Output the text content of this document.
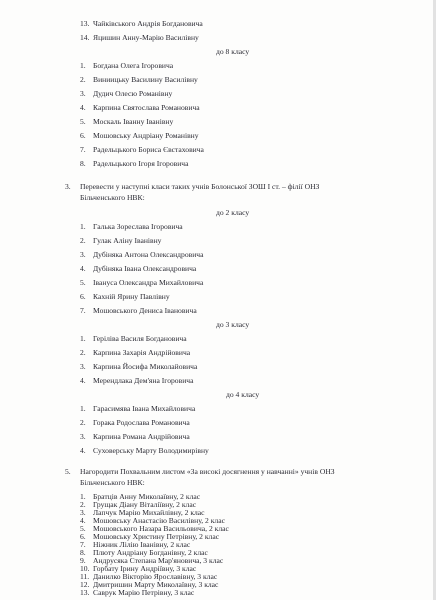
13. Чайківського Андрія Богдановича
14. Яцишин Анну-Марію Василівну
до 8 класу
1. Богдана Олега Ігоровича
2. Виниицьку Василину Василівну
3. Дудич Олесю Романівну
4. Карпина Святослава Романовича
5. Москаль Іванну Іванівну
6. Мошовську Андріану Романівну
7. Радельцького Бориса Євстаховича
8. Радельцького Ігоря Ігоровича
3. Перевести у наступні класи таких учнів Болонської ЗОШ І ст. – філії ОНЗ
Більченського НВК:
до 2 класу
1. Галька Зореслава Ігоровича
2. Гулак Аліну Іванівну
3. Дубіняка Антона Олександровича
4. Дубіняка Івана Олександровича
5. Івануса Олександра Михайловича
6. Кахній Ярину Павлівну
7. Мошовського Дениса Івановича
до 3 класу
1. Геріліва Василя Богдановича
2. Карпина Захарія Андрійовича
3. Карпина Йосифа Миколайовича
4. Мерендлака Дем'яна Ігоровича
до 4 класу
1. Гарасимява Івана Михайловича
2. Горака Родослава Романовича
3. Карпина Романа Андрійовича
4. Суховерську Марту Володимирівну
5. Нагородити Похвальним листом «За високі досягнення у навчанні» учнів ОНЗ
Більченського НВК:
1. Братців Анну Миколаївну, 2 клас
2. Грущак Діану Віталіївну, 2 клас
3. Лапчук Марію Михайлівну, 2 клас
4. Мошовську Анастасію Василівну, 2 клас
5. Мошовського Назара Васильовича, 2 клас
6. Мошовську Христину Петрівну, 2 клас
7. Ніжник Лілію Іванівну, 2 клас
8. Плюту Андріану Богданівну, 2 клас
9. Андрусяка Степана Мар'яновича, 3 клас
10. Горбату Ірину Андріївну, 3 клас
11. Данилко Вікторію Ярославівну, 3 клас
12. Дмитришин Марту Миколаївну, 3 клас
13. Саврук Марію Петрівну, 3 клас
